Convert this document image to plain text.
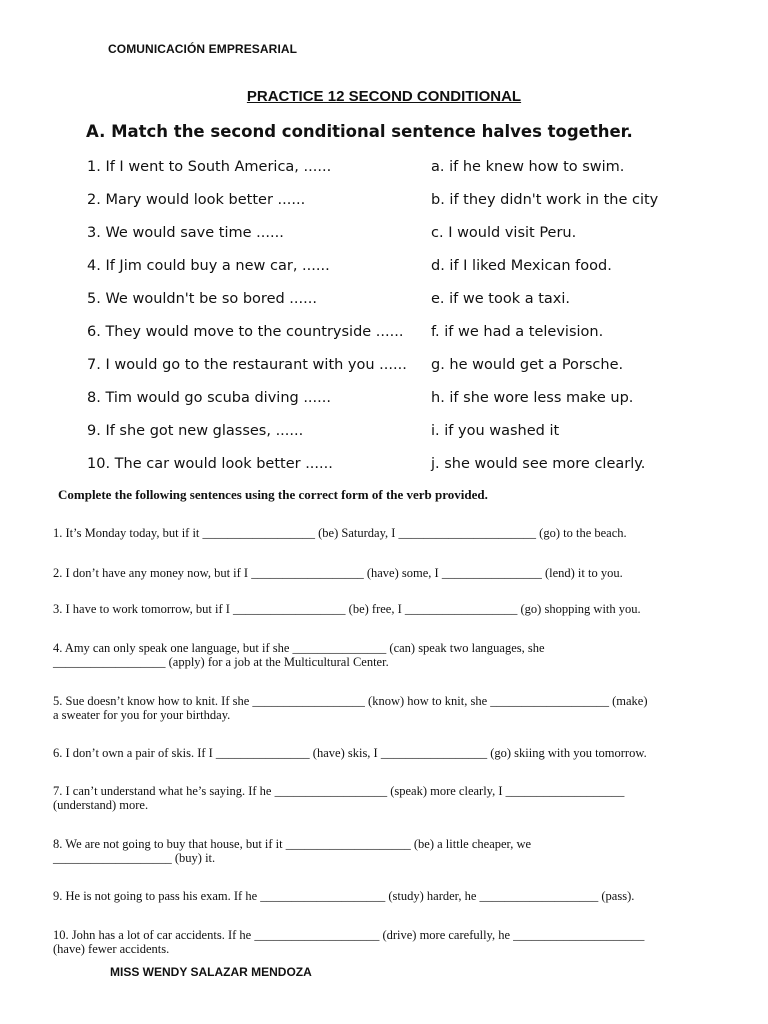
COMUNICACIÓN EMPRESARIAL
PRACTICE 12 SECOND CONDITIONAL
A. Match the second conditional sentence halves together.
1. If I went to South America, ......	a. if he knew how to swim.
2. Mary would look better ......	b. if they didn't work in the city
3. We would save time ......	c. I would visit Peru.
4. If Jim could buy a new car, ......	d. if I liked Mexican food.
5. We wouldn't be so bored ......	e. if we took a taxi.
6. They would move to the countryside ...... f. if we had a television.
7. I would go to the restaurant with you ...... g. he would get a Porsche.
8. Tim would go scuba diving ......	h. if she wore less make up.
9. If she got new glasses, ......	i. if you washed it
10. The car would look better ......	j. she would see more clearly.
Complete the following sentences using the correct form of the verb provided.
1. It’s Monday today, but if it __________________ (be) Saturday, I ______________________ (go) to the beach.
2. I don’t have any money now, but if I __________________ (have) some, I ________________ (lend) it to you.
3. I have to work tomorrow, but if I __________________ (be) free, I __________________ (go) shopping with you.
4. Amy can only speak one language, but if she _______________ (can) speak two languages, she
__________________ (apply) for a job at the Multicultural Center.
5. Sue doesn’t know how to knit. If she __________________ (know) how to knit, she ___________________ (make)
a sweater for you for your birthday.
6. I don’t own a pair of skis. If I _______________ (have) skis, I _________________ (go) skiing with you tomorrow.
7. I can’t understand what he’s saying. If he __________________ (speak) more clearly, I ___________________
(understand) more.
8. We are not going to buy that house, but if it ____________________ (be) a little cheaper, we
___________________ (buy) it.
9. He is not going to pass his exam. If he ____________________ (study) harder, he ___________________ (pass).
10. John has a lot of car accidents. If he ____________________ (drive) more carefully, he _____________________
(have) fewer accidents.
MISS WENDY SALAZAR MENDOZA
